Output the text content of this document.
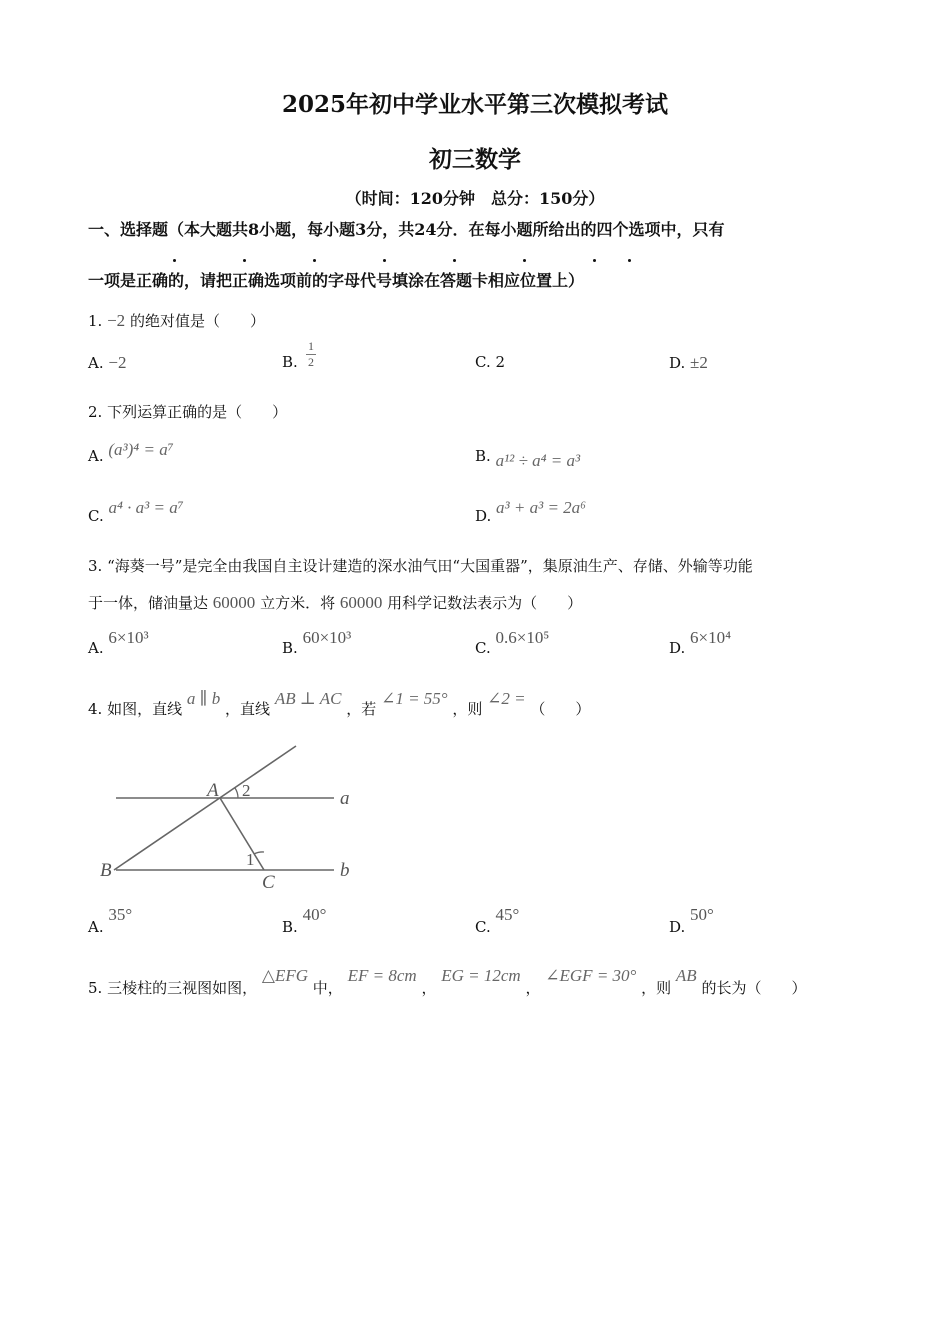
2025年初中学业水平第三次模拟考试
初三数学
（时间：120分钟　总分：150分）
一、选择题（本大题共8小题，每小题3分，共24分．在每小题所给出的四个选项中，只有
一项是正确的，请把正确选项前的字母代号填涂在答题卡相应位置上）
1. −2 的绝对值是（　　）
A. −2	B. $\frac{1}{2}$	C. 2	D. ±2
2. 下列运算正确的是（　　）
A. (a³)⁴ = a⁷	B. a¹² ÷ a⁴ = a³
C. a⁴ · a³ = a⁷	D. a³ + a³ = 2a⁶
3. “海葵一号”是完全由我国自主设计建造的深水油气田“大国重器”，集原油生产、存储、外输等功能
于一体，储油量达 60000 立方米．将 60000 用科学记数法表示为（　　）
A. 6×10³
B. 60×10³
C. 0.6×10⁵
D. 6×10⁴
4. 如图，直线 a ∥ b ，直线 AB ⊥ AC ，若 ∠1 = 55° ，则 ∠2 = （　　）
A 2	a
1
B
C
b
A. 35°
B. 40°
C. 45°
D. 50°
5. 三棱柱的三视图如图， △EFG 中， EF = 8cm ， EG = 12cm ， ∠EGF = 30° ，则 AB 的长为（　　）
